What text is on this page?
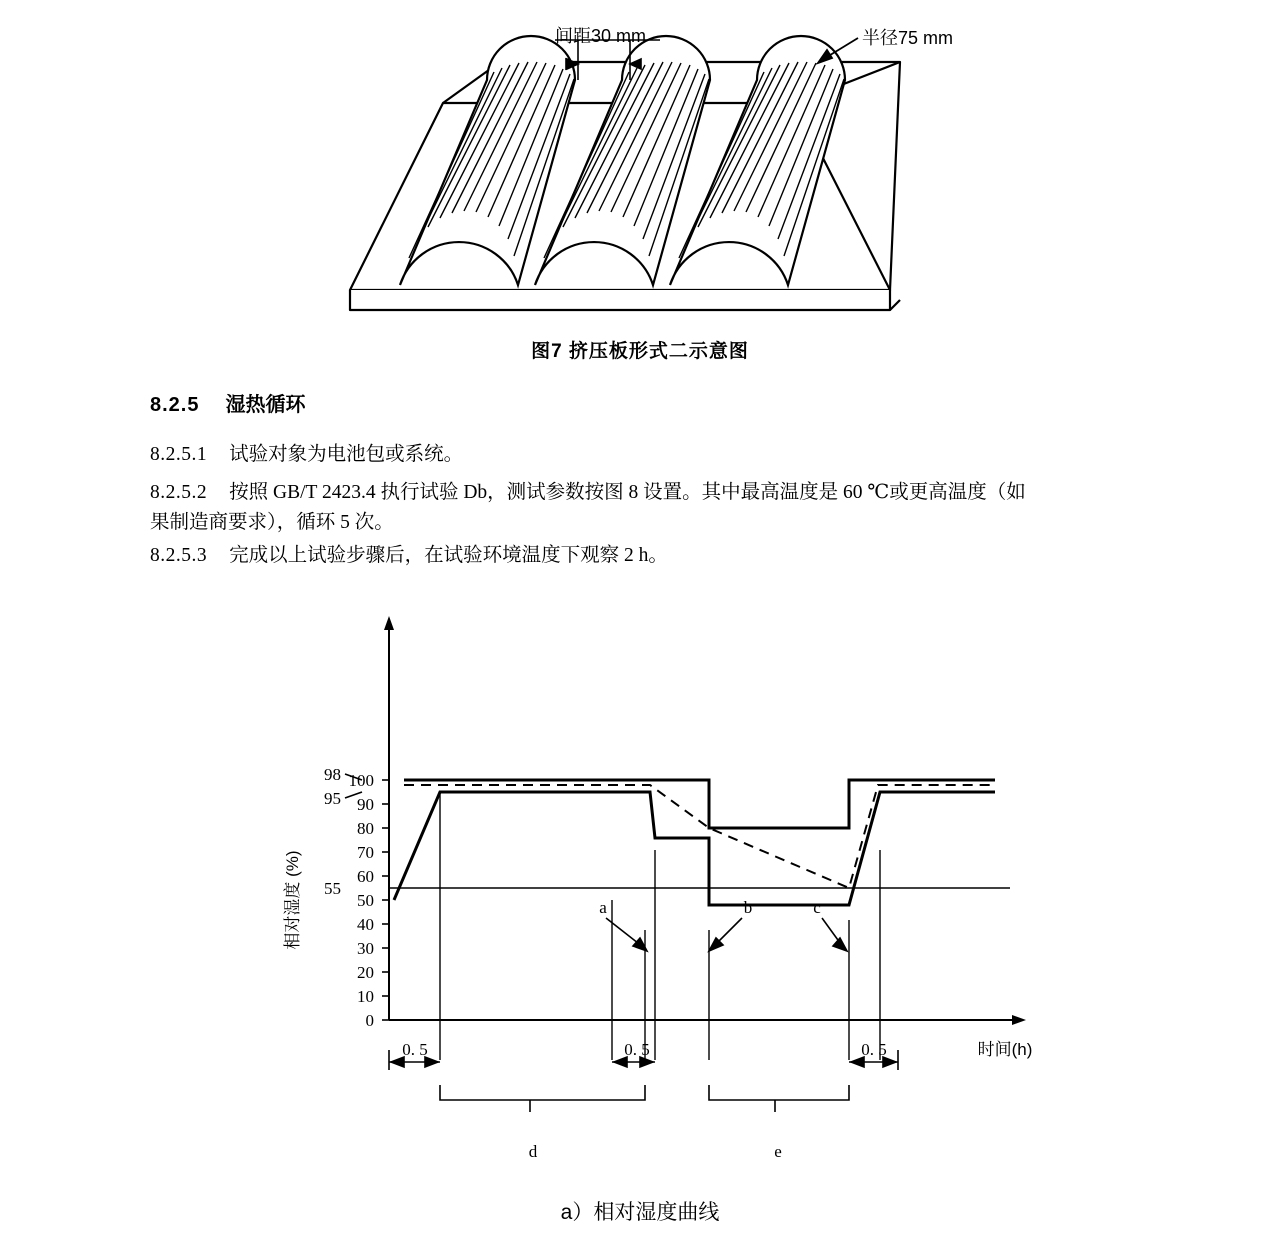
间距30 mm	半径75 mm
图7 挤压板形式二示意图
8.2.5 湿热循环
8.2.5.1 试验对象为电池包或系统。
8.2.5.2 按照 GB/T 2423.4 执行试验 Db，测试参数按图 8 设置。其中最高温度是 60 ℃或更高温度（如
果制造商要求），循环 5 次。
8.2.5.3 完成以上试验步骤后，在试验环境温度下观察 2 h。
0
10
20
30
40
50
60
70
80
90
100
98
95
55
a	b	c
d	e
0. 5	0. 5	0. 5	时间(h)
相对湿度 (%)
a）相对湿度曲线
